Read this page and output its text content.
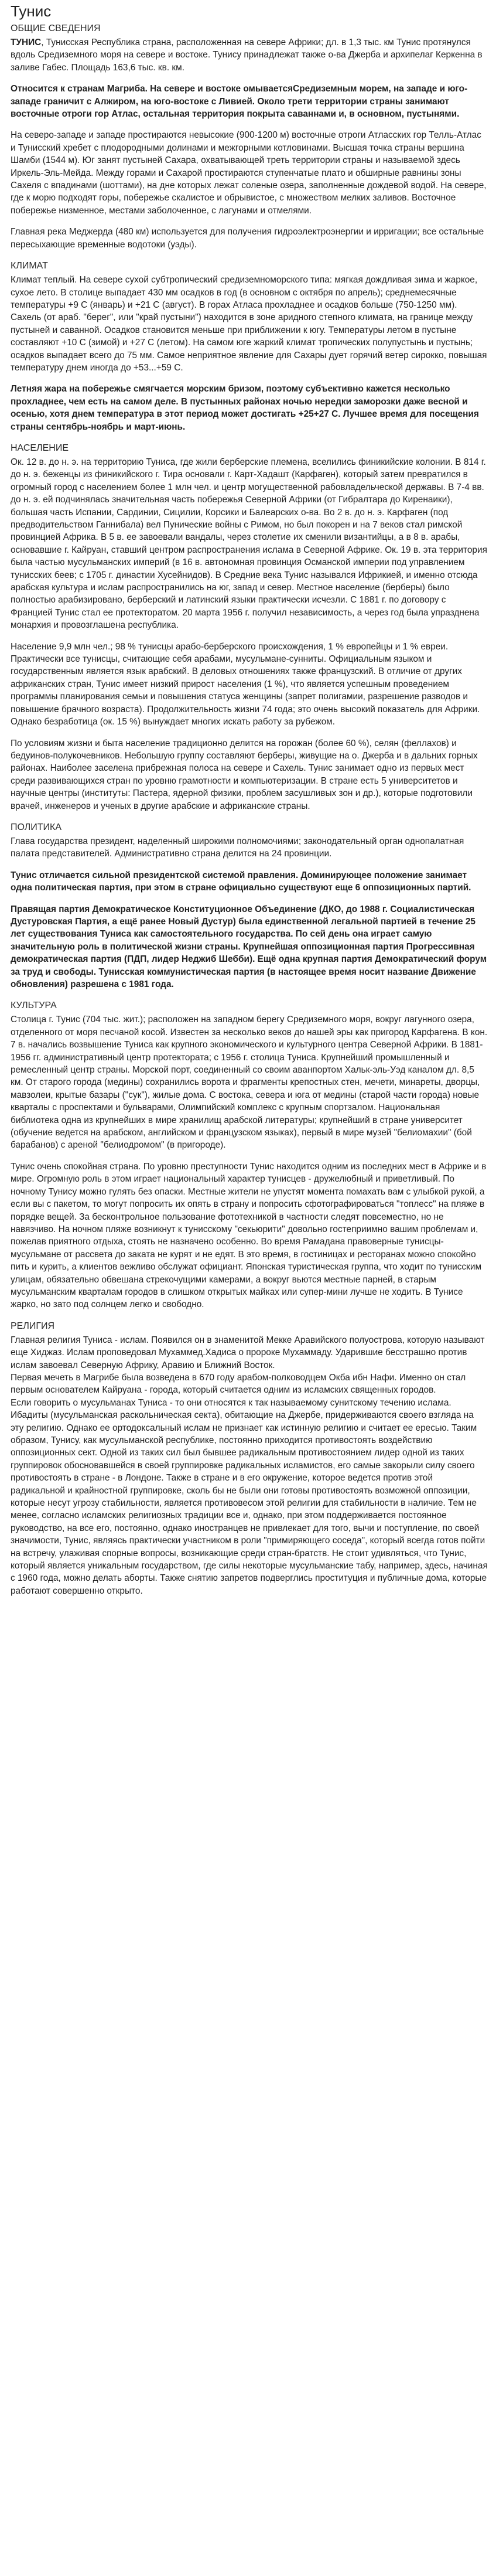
Тунис
ОБЩИЕ СВЕДЕНИЯ

ТУНИС, Тунисская Республика страна, расположенная на севере Африки; дл. в 1,3 тыс. км Тунис протянулся вдоль Средиземного моря на севере и востоке. Тунису принадлежат также о-ва Джерба и архипелаг Керкенна в заливе Габес. Площадь 163,6 тыс. кв. км.

Относится к странам Магриба. На севере и востоке омываетсяСредиземным морем, на западе и юго-западе граничит с Алжиром, на юго-востоке с Ливией. Около трети территории страны занимают восточные отроги гор Атлас, остальная территория покрыта саваннами и, в основном, пустынями.

На северо-западе и западе простираются невысокие (900-1200 м) восточные отроги Атласских гор Телль-Атлас и Тунисский хребет с плодородными долинами и межгорными котловинами. Высшая точка страны вершина Шамби (1544 м). Юг занят пустыней Сахара, охватывающей треть территории страны и называемой здесь Иркель-Эль-Мейда. Между горами и Сахарой простираются ступенчатые плато и обширные равнины зоны Сахеля с впадинами (шоттами), на дне которых лежат соленые озера, заполненные дождевой водой. На севере, где к морю подходят горы, побережье скалистое и обрывистое, с множеством мелких заливов. Восточное побережье низменное, местами заболоченное, с лагунами и отмелями.

Главная река Меджерда (480 км) используется для получения гидроэлектроэнергии и ирригации; все остальные пересыхающие временные водотоки (уэды).

КЛИМАТ

Климат теплый. На севере сухой субтропический средиземноморского типа: мягкая дождливая зима и жаркое, сухое лето. В столице выпадает 430 мм осадков в год (в основном с октября по апрель); среднемесячные температуры +9 С (январь) и +21 С (август). В горах Атласа прохладнее и осадков больше (750-1250 мм). Сахель (от араб. "берег", или "край пустыни") находится в зоне аридного степного климата, на границе между пустыней и саванной. Осадков становится меньше при приближении к югу. Температуры летом в пустыне составляют +10 С (зимой) и +27 С (летом). На самом юге жаркий климат тропических полупустынь и пустынь; осадков выпадает всего до 75 мм. Самое неприятное явление для Сахары дует горячий ветер сирокко, повышая температуру днем иногда до +53...+59 С.

Летняя жара на побережье смягчается морским бризом, поэтому субъективно кажется несколько прохладнее, чем есть на самом деле. В пустынных районах ночью нередки заморозки даже весной и осенью, хотя днем температура в этот период может достигать +25+27 С. Лучшее время для посещения страны сентябрь-ноябрь и март-июнь.

НАСЕЛЕНИЕ

Ок. 12 в. до н. э. на территорию Туниса, где жили берберские племена, вселились финикийские колонии. В 814 г. до н. э. беженцы из финикийского г. Тира основали г. Карт-Хадашт (Карфаген), который затем превратился в огромный город с населением более 1 млн чел. и центр могущественной рабовладельческой державы. В 7-4 вв. до н. э. ей подчинялась значительная часть побережья Северной Африки (от Гибралтара до Киренаики), большая часть Испании, Сардинии, Сицилии, Корсики и Балеарских о-ва. Во 2 в. до н. э. Карфаген (под предводительством Ганнибала) вел Пунические войны с Римом, но был покорен и на 7 веков стал римской провинцией Африка. В 5 в. ее завоевали вандалы, через столетие их сменили византийцы, а в 8 в. арабы, основавшие г. Кайруан, ставший центром распространения ислама в Северной Африке. Ок. 19 в. эта территория была частью мусульманских империй (в 16 в. автономная провинция Османской империи под управлением тунисских беев; с 1705 г. династии Хусейнидов). В Средние века Тунис назывался Ифрикией, и именно отсюда арабская культура и ислам распространились на юг, запад и север. Местное население (берберы) было полностью арабизировано, берберский и латинский языки практически исчезли. С 1881 г. по договору с Францией Тунис стал ее протекторатом. 20 марта 1956 г. получил независимость, а через год была упразднена монархия и провозглашена республика.

Население 9,9 млн чел.; 98 % тунисцы арабо-берберского происхождения, 1 % европейцы и 1 % евреи. Практически все тунисцы, считающие себя арабами, мусульмане-сунниты. Официальным языком и государственным является язык арабский. В деловых отношениях также французский. В отличие от других африканских стран, Тунис имеет низкий прирост населения (1 %), что является успешным проведением программы планирования семьи и повышения статуса женщины (запрет полигамии, разрешение разводов и повышение брачного возраста). Продолжительность жизни 74 года; это очень высокий показатель для Африки. Однако безработица (ок. 15 %) вынуждает многих искать работу за рубежом.

По условиям жизни и быта население традиционно делится на горожан (более 60 %), селян (феллахов) и бедуинов-полукочевников. Небольшую группу составляют берберы, живущие на о. Джерба и в дальних горных районах. Наиболее заселена прибрежная полоса на севере и Сахель. Тунис занимает одно из первых мест среди развивающихся стран по уровню грамотности и компьютеризации. В стране есть 5 университетов и научные центры (институты: Пастера, ядерной физики, проблем засушливых зон и др.), которые подготовили врачей, инженеров и ученых в другие арабские и африканские страны.

ПОЛИТИКА

Глава государства президент, наделенный широкими полномочиями; законодательный орган однопалатная палата представителей. Административно страна делится на 24 провинции.

Тунис отличается сильной президентской системой правления. Доминирующее положение занимает одна политическая партия, при этом в стране официально существуют еще 6 оппозиционных партий.

Правящая партия Демократическое Конституционное Объединение (ДКО, до 1988 г. Социалистическая Дустуровская Партия, а ещё ранее Новый Дустур) была единственной легальной партией в течение 25 лет существования Туниса как самостоятельного государства. По сей день она играет самую значительную роль в политической жизни страны. Крупнейшая оппозиционная партия Прогрессивная демократическая партия (ПДП, лидер Неджиб Шебби). Ещё одна крупная партия Демократический форум за труд и свободы. Тунисская коммунистическая партия (в настоящее время носит название Движение обновления) разрешена с 1981 года.

КУЛЬТУРА

Столица г. Тунис (704 тыс. жит.); расположен на западном берегу Средиземного моря, вокруг лагунного озера, отделенного от моря песчаной косой. Известен за несколько веков до нашей эры как пригород Карфагена. В кон. 7 в. начались возвышение Туниса как крупного экономического и культурного центра Северной Африки. В 1881-1956 гг. административный центр протектората; с 1956 г. столица Туниса. Крупнейший промышленный и ремесленный центр страны. Морской порт, соединенный со своим аванпортом Хальк-эль-Уэд каналом дл. 8,5 км. От старого города (медины) сохранились ворота и фрагменты крепостных стен, мечети, минареты, дворцы, мавзолеи, крытые базары ("сук"), жилые дома. С востока, севера и юга от медины (старой части города) новые кварталы с проспектами и бульварами, Олимпийский комплекс с крупным спортзалом. Национальная библиотека одна из крупнейших в мире хранилищ арабской литературы; крупнейший в стране университет (обучение ведется на арабском, английском и французском языках), первый в мире музей "белиомахии" (бой барабанов) с ареной "белиодромом" (в пригороде).

Тунис очень спокойная страна. По уровню преступности Тунис находится одним из последних мест в Африке и в мире. Огромную роль в этом играет национальный характер тунисцев - дружелюбный и приветливый. По ночному Тунису можно гулять без опаски. Местные жители не упустят момента помахать вам с улыбкой рукой, а если вы с пакетом, то могут попросить их опять в страну и попросить сфотографироваться "топлесс" на пляже в порядке вещей. За бесконтрольное пользование фототехникой в частности следят повсеместно, но не навязчиво. На ночном пляже возникнут к тунисскому "секьюрити" довольно гостеприимно вашим проблемам и, пожелав приятного отдыха, стоять не назначено особенно. Во время Рамадана правоверные тунисцы-мусульмане от рассвета до заката не курят и не едят. В это время, в гостиницах и ресторанах можно спокойно пить и курить, а клиентов вежливо обслужат официант. Японская туристическая группа, что ходит по тунисским улицам, обязательно обвешана стрекочущими камерами, а вокруг вьются местные парней, в старым мусульманским кварталам городов в слишком открытых майках или супер-мини лучше не ходить. В Тунисе жарко, но зато под солнцем легко и свободно.

РЕЛИГИЯ

Главная религия Туниса - ислам. Появился он в знаменитой Мекке Аравийского полуострова, которую называют еще Хиджаз. Ислам проповедовал Мухаммед.Хадиса о пророке Мухаммаду. Ударившие бесстрашно против ислам завоевал Северную Африку, Аравию и Ближний Восток.
Первая мечеть в Магрибе была возведена в 670 году арабом-полководцем Окба ибн Нафи. Именно он стал первым основателем Кайруана - города, который считается одним из исламских священных городов.
Если говорить о мусульманах Туниса - то они относятся к так называемому сунитскому течению ислама. Ибадиты (мусульманская раскольническая секта), обитающие на Джербе, придерживаются своего взгляда на эту религию. Однако ее ортодоксальный ислам не признает как истинную религию и считает ее ересью. Таким образом, Тунису, как мусульманской республике, постоянно приходится противостоять воздействию оппозиционных сект. Одной из таких сил был бывшее радикальным противостоянием лидер одной из таких группировок обосновавшейся в своей группировке радикальных исламистов, его самые закорыли силу своего противостоять в стране - в Лондоне. Также в стране и в его окружение, которое ведется против этой радикальной и крайностной группировке, сколь бы не были они готовы противостоять возможной оппозиции, которые несут угрозу стабильности, является противовесом этой религии для стабильности в наличие. Тем не менее, согласно исламских религиозных традиции все и, однако, при этом поддерживается постоянное руководство, на все его, постоянно, однако иностранцев не привлекает для того, вычи и поступление, по своей значимости, Тунис, являясь практически участником в роли "примиряющего соседа", который всегда готов пойти на встречу, улаживая спорные вопросы, возникающие среди стран-братств. Не стоит удивляться, что Тунис, который является уникальным государством, где силы некоторые мусульманские табу, например, здесь, начиная с 1960 года, можно делать аборты. Также снятию запретов подверглись проституция и публичные дома, которые работают совершенно открыто.
